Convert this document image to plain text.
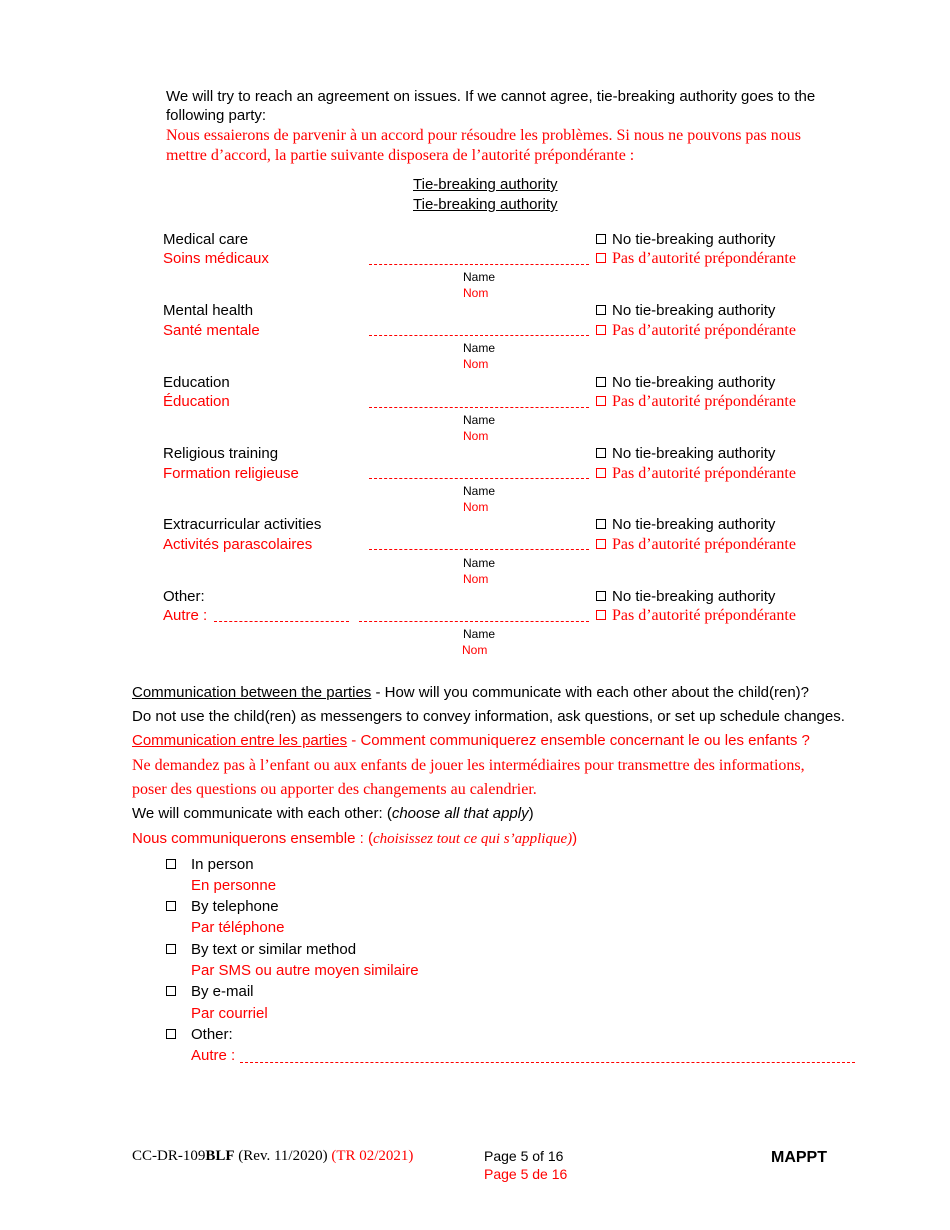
We will try to reach an agreement on issues. If we cannot agree, tie-breaking authority goes to the
following party:
Nous essaierons de parvenir à un accord pour résoudre les problèmes. Si nous ne pouvons pas nous
mettre d’accord, la partie suivante disposera de l’autorité prépondérante :
Tie-breaking authority
Tie-breaking authority
Medical care
Soins médicaux
Name
Nom
No tie-breaking authority
Pas d’autorité prépondérante
Mental health
Santé mentale
Name
Nom
No tie-breaking authority
Pas d’autorité prépondérante
Education
Éducation
Name
Nom
No tie-breaking authority
Pas d’autorité prépondérante
Religious training
Formation religieuse
Name
Nom
No tie-breaking authority
Pas d’autorité prépondérante
Extracurricular activities
Activités parascolaires
Name
Nom
No tie-breaking authority
Pas d’autorité prépondérante
Other:
Autre :
Name
Nom
No tie-breaking authority
Pas d’autorité prépondérante
Communication between the parties - How will you communicate with each other about the child(ren)?
Do not use the child(ren) as messengers to convey information, ask questions, or set up schedule changes.
Communication entre les parties - Comment communiquerez ensemble concernant le ou les enfants ?
Ne demandez pas à l’enfant ou aux enfants de jouer les intermédiaires pour transmettre des informations,
poser des questions ou apporter des changements au calendrier.
We will communicate with each other: (choose all that apply)
Nous communiquerons ensemble : (choisissez tout ce qui s’applique))
In person
En personne
By telephone
Par téléphone
By text or similar method
Par SMS ou autre moyen similaire
By e-mail
Par courriel
Other:
Autre :
CC-DR-109BLF (Rev. 11/2020) (TR 02/2021)	Page 5 of 16
Page 5 de 16
MAPPT
